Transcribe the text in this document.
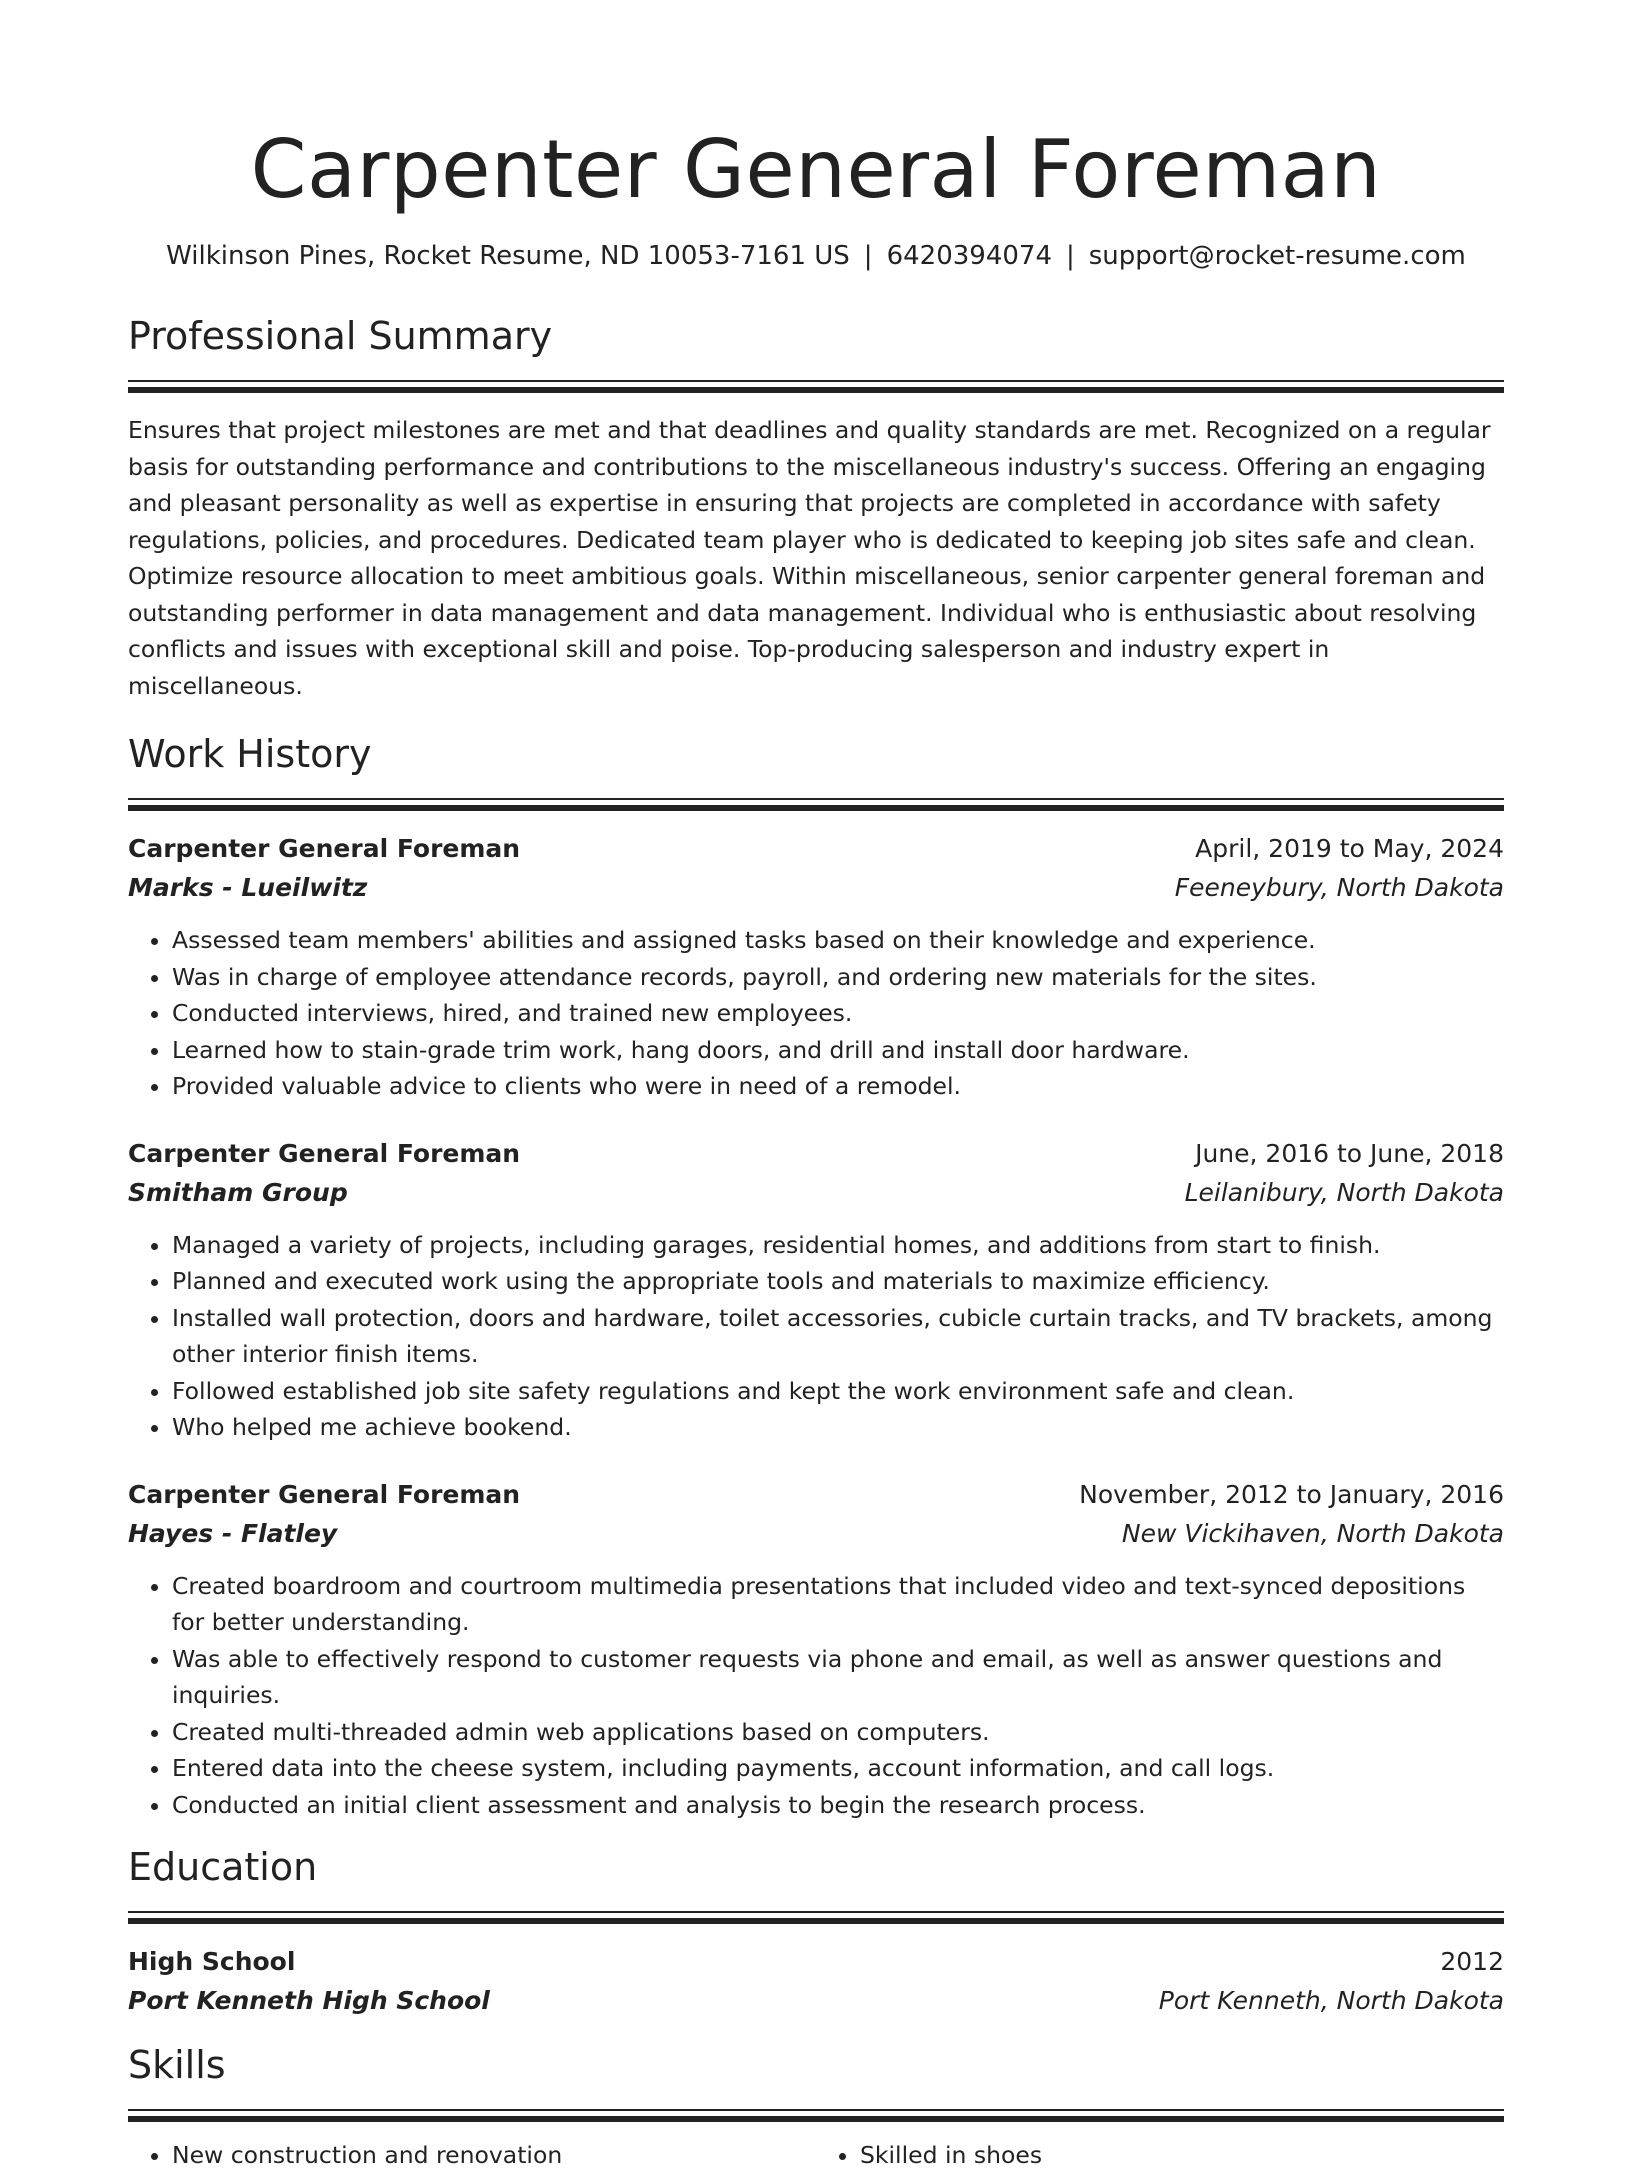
Carpenter General Foreman
Wilkinson Pines, Rocket Resume, ND 10053-7161 US | 6420394074 | support@rocket-resume.com
Professional Summary
Ensures that project milestones are met and that deadlines and quality standards are met. Recognized on a regular basis for outstanding performance and contributions to the miscellaneous industry's success. Offering an engaging and pleasant personality as well as expertise in ensuring that projects are completed in accordance with safety regulations, policies, and procedures. Dedicated team player who is dedicated to keeping job sites safe and clean. Optimize resource allocation to meet ambitious goals. Within miscellaneous, senior carpenter general foreman and outstanding performer in data management and data management. Individual who is enthusiastic about resolving conflicts and issues with exceptional skill and poise. Top-producing salesperson and industry expert in miscellaneous.
Work History
Carpenter General Foreman	April, 2019 to May, 2024
Marks - Lueilwitz	Feeneybury, North Dakota
• Assessed team members' abilities and assigned tasks based on their knowledge and experience.
• Was in charge of employee attendance records, payroll, and ordering new materials for the sites.
• Conducted interviews, hired, and trained new employees.
• Learned how to stain-grade trim work, hang doors, and drill and install door hardware.
• Provided valuable advice to clients who were in need of a remodel.
Carpenter General Foreman	June, 2016 to June, 2018
Smitham Group	Leilanibury, North Dakota
• Managed a variety of projects, including garages, residential homes, and additions from start to finish.
• Planned and executed work using the appropriate tools and materials to maximize efficiency.
• Installed wall protection, doors and hardware, toilet accessories, cubicle curtain tracks, and TV brackets, among other interior finish items.
• Followed established job site safety regulations and kept the work environment safe and clean.
• Who helped me achieve bookend.
Carpenter General Foreman	November, 2012 to January, 2016
Hayes - Flatley	New Vickihaven, North Dakota
• Created boardroom and courtroom multimedia presentations that included video and text-synced depositions for better understanding.
• Was able to effectively respond to customer requests via phone and email, as well as answer questions and inquiries.
• Created multi-threaded admin web applications based on computers.
• Entered data into the cheese system, including payments, account information, and call logs.
• Conducted an initial client assessment and analysis to begin the research process.
Education
High School	2012
Port Kenneth High School	Port Kenneth, North Dakota
Skills
• New construction and renovation
•	Skilled in shoes
